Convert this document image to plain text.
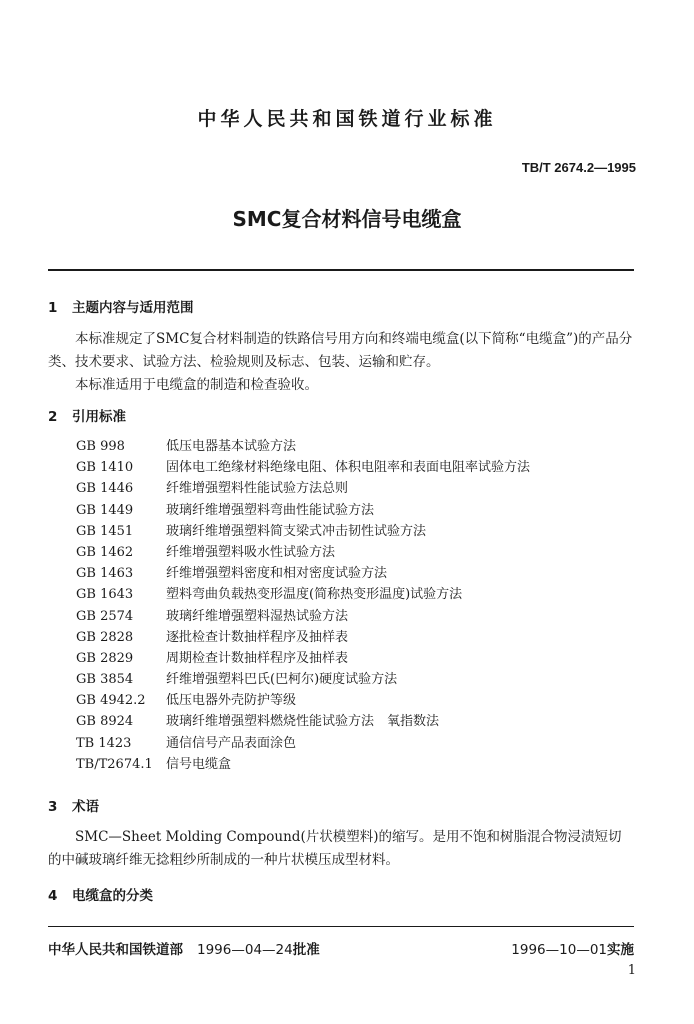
中华人民共和国铁道行业标准
TB/T 2674.2—1995
SMC复合材料信号电缆盒
1 主题内容与适用范围
本标准规定了SMC复合材料制造的铁路信号用方向和终端电缆盒(以下简称“电缆盒”)的产品分类、技术要求、试验方法、检验规则及标志、包装、运输和贮存。
本标准适用于电缆盒的制造和检查验收。
2 引用标准
GB 998	低压电器基本试验方法
GB 1410	固体电工绝缘材料绝缘电阻、体积电阻率和表面电阻率试验方法
GB 1446	纤维增强塑料性能试验方法总则
GB 1449	玻璃纤维增强塑料弯曲性能试验方法
GB 1451	玻璃纤维增强塑料简支梁式冲击韧性试验方法
GB 1462	纤维增强塑料吸水性试验方法
GB 1463	纤维增强塑料密度和相对密度试验方法
GB 1643	塑料弯曲负载热变形温度(简称热变形温度)试验方法
GB 2574	玻璃纤维增强塑料湿热试验方法
GB 2828	逐批检查计数抽样程序及抽样表
GB 2829	周期检查计数抽样程序及抽样表
GB 3854	纤维增强塑料巴氏(巴柯尔)硬度试验方法
GB 4942.2	低压电器外壳防护等级
GB 8924	玻璃纤维增强塑料燃烧性能试验方法　氧指数法
TB 1423	通信信号产品表面涂色
TB/T2674.1	信号电缆盒
3 术语
SMC—Sheet Molding Compound(片状模塑料)的缩写。是用不饱和树脂混合物浸渍短切的中碱玻璃纤维无捻粗纱所制成的一种片状模压成型材料。
4 电缆盒的分类
中华人民共和国铁道部 1996—04—24批准	1996—10—01实施
1
